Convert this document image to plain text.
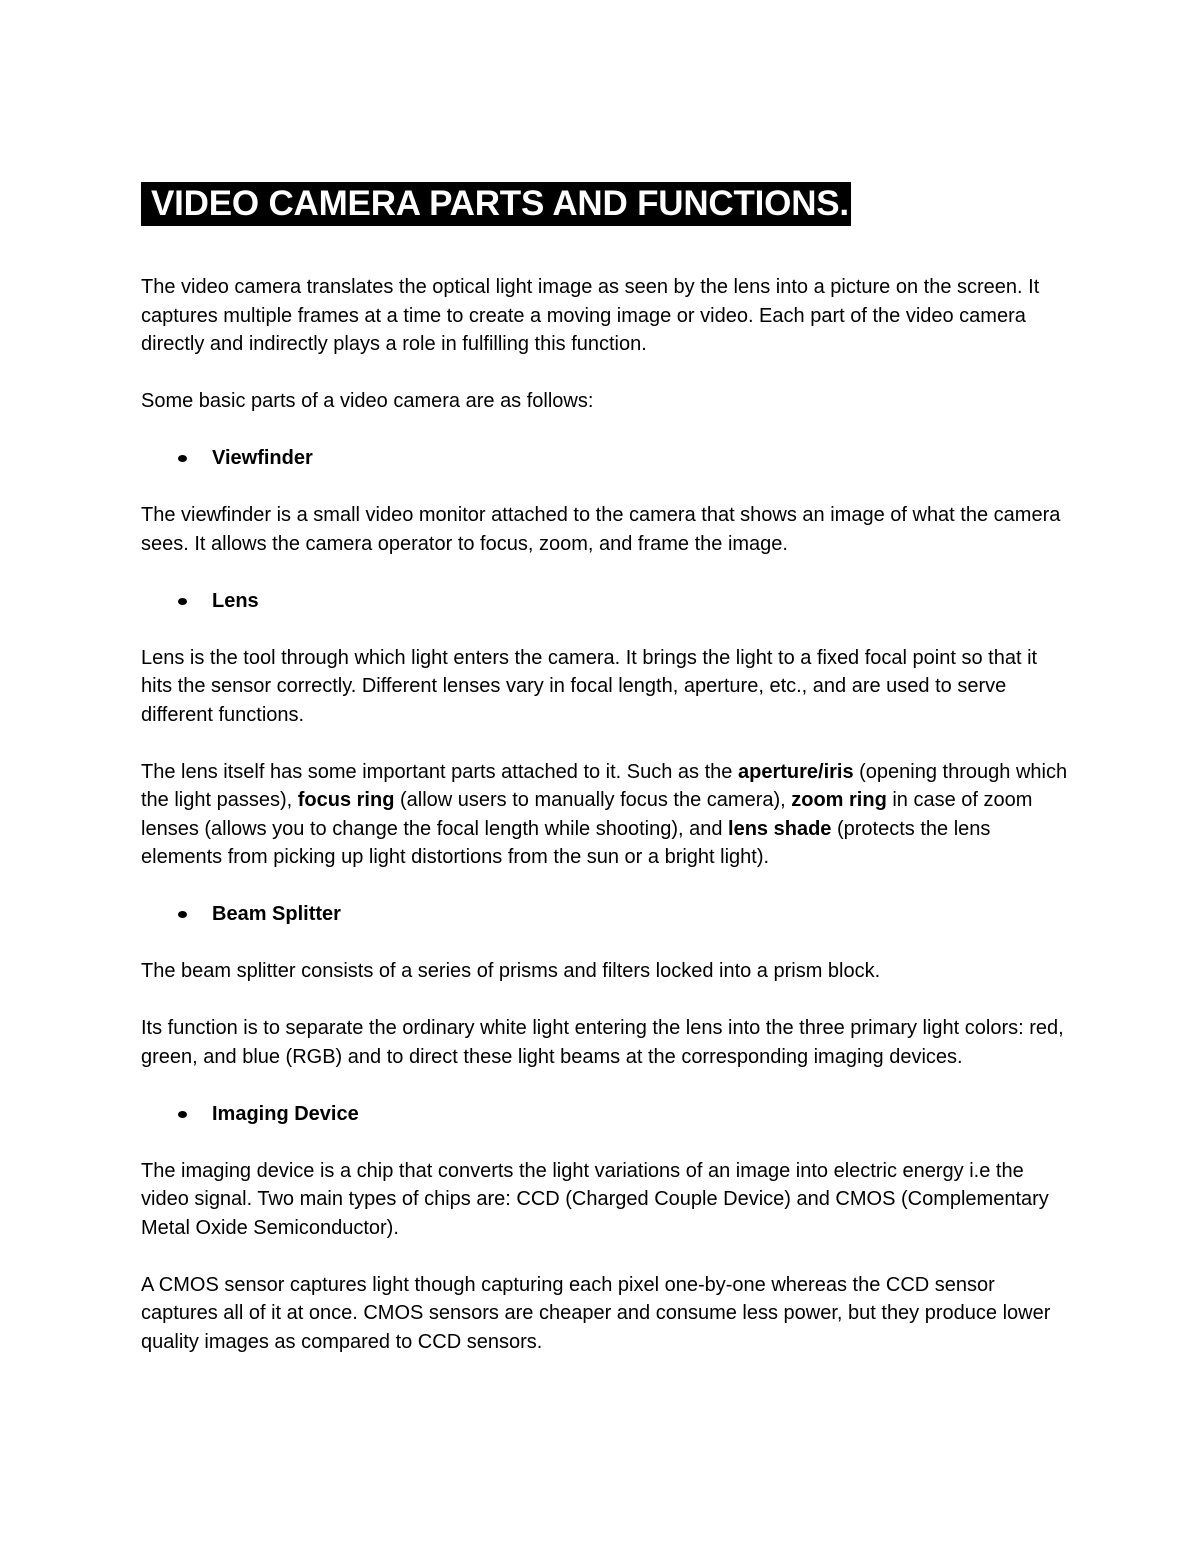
VIDEO CAMERA PARTS AND FUNCTIONS.

The video camera translates the optical light image as seen by the lens into a picture on the screen. It captures multiple frames at a time to create a moving image or video. Each part of the video camera directly and indirectly plays a role in fulfilling this function.

Some basic parts of a video camera are as follows:

Viewfinder

The viewfinder is a small video monitor attached to the camera that shows an image of what the camera sees. It allows the camera operator to focus, zoom, and frame the image.

Lens

Lens is the tool through which light enters the camera. It brings the light to a fixed focal point so that it hits the sensor correctly. Different lenses vary in focal length, aperture, etc., and are used to serve different functions.

The lens itself has some important parts attached to it. Such as the aperture/iris (opening through which the light passes), focus ring (allow users to manually focus the camera), zoom ring in case of zoom lenses (allows you to change the focal length while shooting), and lens shade (protects the lens elements from picking up light distortions from the sun or a bright light).

Beam Splitter

The beam splitter consists of a series of prisms and filters locked into a prism block.

Its function is to separate the ordinary white light entering the lens into the three primary light colors: red, green, and blue (RGB) and to direct these light beams at the corresponding imaging devices.

Imaging Device

The imaging device is a chip that converts the light variations of an image into electric energy i.e the video signal. Two main types of chips are: CCD (Charged Couple Device) and CMOS (Complementary Metal Oxide Semiconductor).

A CMOS sensor captures light though capturing each pixel one-by-one whereas the CCD sensor captures all of it at once. CMOS sensors are cheaper and consume less power, but they produce lower quality images as compared to CCD sensors.
